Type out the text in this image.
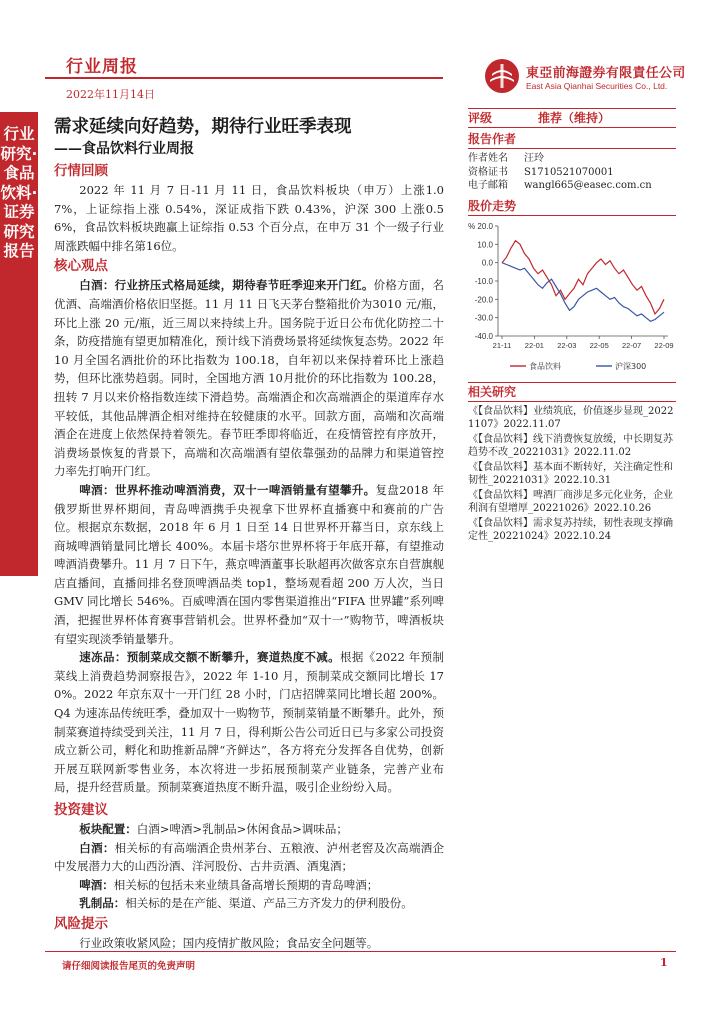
行业周报
2022年11月14日
東亞前海證券有限責任公司
East Asia Qianhai Securities Co., Ltd.
行业研究·食品饮料·证券研究报告
需求延续向好趋势，期待行业旺季表现
——食品饮料行业周报
行情回顾

2022 年 11 月 7 日-11 月 11 日，食品饮料板块（申万）上涨1.07%，上证综指上涨 0.54%，深证成指下跌 0.43%，沪深 300 上涨0.56%，食品饮料板块跑赢上证综指 0.53 个百分点，在申万 31 个一级子行业周涨跌幅中排名第16位。

核心观点

白酒：行业挤压式格局延续，期待春节旺季迎来开门红。价格方面，名优酒、高端酒价格依旧坚挺。11 月 11 日飞天茅台整箱批价为3010 元/瓶，环比上涨 20 元/瓶，近三周以来持续上升。国务院于近日公布优化防控二十条，防疫措施有望更加精准化，预计线下消费场景将延续恢复态势。2022 年 10 月全国名酒批价的环比指数为 100.18，自年初以来保持着环比上涨趋势，但环比涨势趋弱。同时，全国地方酒 10月批价的环比指数为 100.28，扭转 7 月以来价格指数连续下滑趋势。高端酒企和次高端酒企的渠道库存水平较低，其他品牌酒企相对维持在较健康的水平。回款方面，高端和次高端酒企在进度上依然保持着领先。春节旺季即将临近，在疫情管控有序放开，消费场景恢复的背景下，高端和次高端酒有望依靠强劲的品牌力和渠道管控力率先打响开门红。

啤酒：世界杯推动啤酒消费，双十一啤酒销量有望攀升。复盘2018 年俄罗斯世界杯期间，青岛啤酒携手央视拿下世界杯直播赛中和赛前的广告位。根据京东数据，2018 年 6 月 1 日至 14 日世界杯开幕当日，京东线上商城啤酒销量同比增长 400%。本届卡塔尔世界杯将于年底开幕，有望推动啤酒消费攀升。11 月 7 日下午，燕京啤酒董事长耿超再次做客京东自营旗舰店直播间，直播间排名登顶啤酒品类 top1，整场观看超 200 万人次，当日 GMV 同比增长 546%。百威啤酒在国内零售渠道推出“FIFA 世界罐”系列啤酒，把握世界杯体育赛事营销机会。世界杯叠加“双十一”购物节，啤酒板块有望实现淡季销量攀升。

速冻品：预制菜成交额不断攀升，赛道热度不减。根据《2022 年预制菜线上消费趋势洞察报告》，2022 年 1-10 月，预制菜成交额同比增长 170%。2022 年京东双十一开门红 28 小时，门店招牌菜同比增长超 200%。Q4 为速冻品传统旺季，叠加双十一购物节，预制菜销量不断攀升。此外，预制菜赛道持续受到关注，11 月 7 日，得利斯公告公司近日已与多家公司投资成立新公司，孵化和助推新品牌“齐鲜达”，各方将充分发挥各自优势，创新开展互联网新零售业务，本次将进一步拓展预制菜产业链条，完善产业布局，提升经营质量。预制菜赛道热度不断升温，吸引企业纷纷入局。

投资建议

板块配置：白酒>啤酒>乳制品>休闲食品>调味品；

白酒：相关标的有高端酒企贵州茅台、五粮液、泸州老窖及次高端酒企中发展潜力大的山西汾酒、洋河股份、古井贡酒、酒鬼酒；

啤酒：相关标的包括未来业绩具备高增长预期的青岛啤酒；

乳制品：相关标的是在产能、渠道、产品三方齐发力的伊利股份。

风险提示

行业政策收紧风险；国内疫情扩散风险；食品安全问题等。

评级	推荐（维持）
报告作者
作者姓名	汪玲
资格证书	S1710521070001
电子邮箱	wangl665@easec.com.cn
股价走势
% 20.0
10.0
0.0
-10.0
-20.0
-30.0
-40.0
21-11 22-01 22-03 22-05 22-07 22-09
食品饮料	沪深300
相关研究

《【食品饮料】业绩筑底，价值逐步显现_20221107》2022.11.07

《【食品饮料】线下消费恢复放缓，中长期复苏趋势不改_20221031》2022.11.02

《【食品饮料】基本面不断转好，关注确定性和韧性_20221031》2022.10.31

《【食品饮料】啤酒厂商涉足多元化业务，企业利润有望增厚_20221026》2022.10.26

《【食品饮料】需求复苏持续，韧性表现支撑确定性_20221024》2022.10.24

请仔细阅读报告尾页的免责声明	1
